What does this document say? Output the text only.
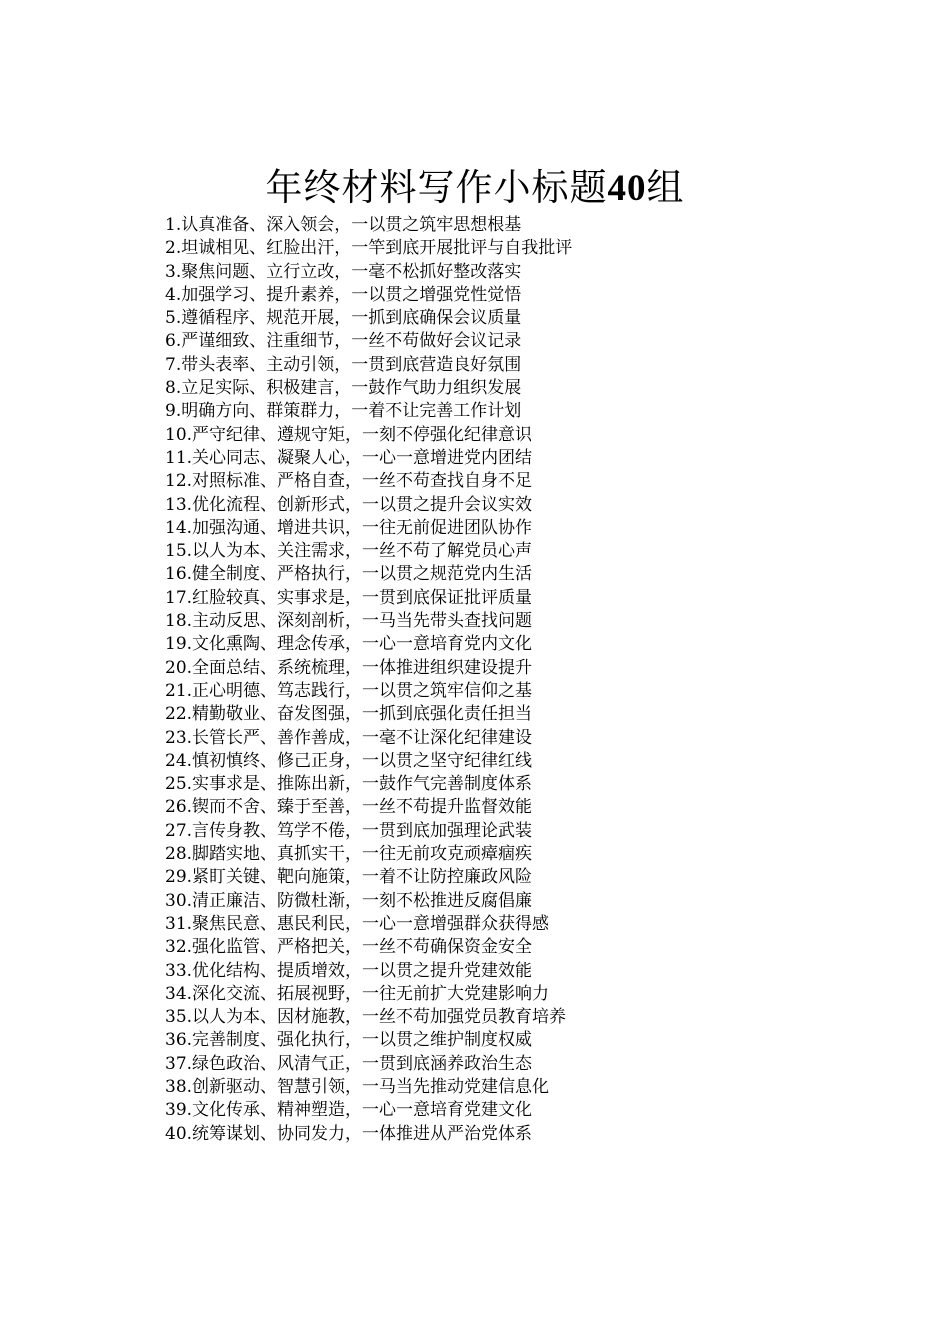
年终材料写作小标题40组
1.认真准备、深入领会，一以贯之筑牢思想根基
2.坦诚相见、红脸出汗，一竿到底开展批评与自我批评
3.聚焦问题、立行立改，一毫不松抓好整改落实
4.加强学习、提升素养，一以贯之增强党性觉悟
5.遵循程序、规范开展，一抓到底确保会议质量
6.严谨细致、注重细节，一丝不苟做好会议记录
7.带头表率、主动引领，一贯到底营造良好氛围
8.立足实际、积极建言，一鼓作气助力组织发展
9.明确方向、群策群力，一着不让完善工作计划
10.严守纪律、遵规守矩，一刻不停强化纪律意识
11.关心同志、凝聚人心，一心一意增进党内团结
12.对照标准、严格自查，一丝不苟查找自身不足
13.优化流程、创新形式，一以贯之提升会议实效
14.加强沟通、增进共识，一往无前促进团队协作
15.以人为本、关注需求，一丝不苟了解党员心声
16.健全制度、严格执行，一以贯之规范党内生活
17.红脸较真、实事求是，一贯到底保证批评质量
18.主动反思、深刻剖析，一马当先带头查找问题
19.文化熏陶、理念传承，一心一意培育党内文化
20.全面总结、系统梳理，一体推进组织建设提升
21.正心明德、笃志践行，一以贯之筑牢信仰之基
22.精勤敬业、奋发图强，一抓到底强化责任担当
23.长管长严、善作善成，一毫不让深化纪律建设
24.慎初慎终、修己正身，一以贯之坚守纪律红线
25.实事求是、推陈出新，一鼓作气完善制度体系
26.锲而不舍、臻于至善，一丝不苟提升监督效能
27.言传身教、笃学不倦，一贯到底加强理论武装
28.脚踏实地、真抓实干，一往无前攻克顽瘴痼疾
29.紧盯关键、靶向施策，一着不让防控廉政风险
30.清正廉洁、防微杜渐，一刻不松推进反腐倡廉
31.聚焦民意、惠民利民，一心一意增强群众获得感
32.强化监管、严格把关，一丝不苟确保资金安全
33.优化结构、提质增效，一以贯之提升党建效能
34.深化交流、拓展视野，一往无前扩大党建影响力
35.以人为本、因材施教，一丝不苟加强党员教育培养
36.完善制度、强化执行，一以贯之维护制度权威
37.绿色政治、风清气正，一贯到底涵养政治生态
38.创新驱动、智慧引领，一马当先推动党建信息化
39.文化传承、精神塑造，一心一意培育党建文化
40.统筹谋划、协同发力，一体推进从严治党体系
